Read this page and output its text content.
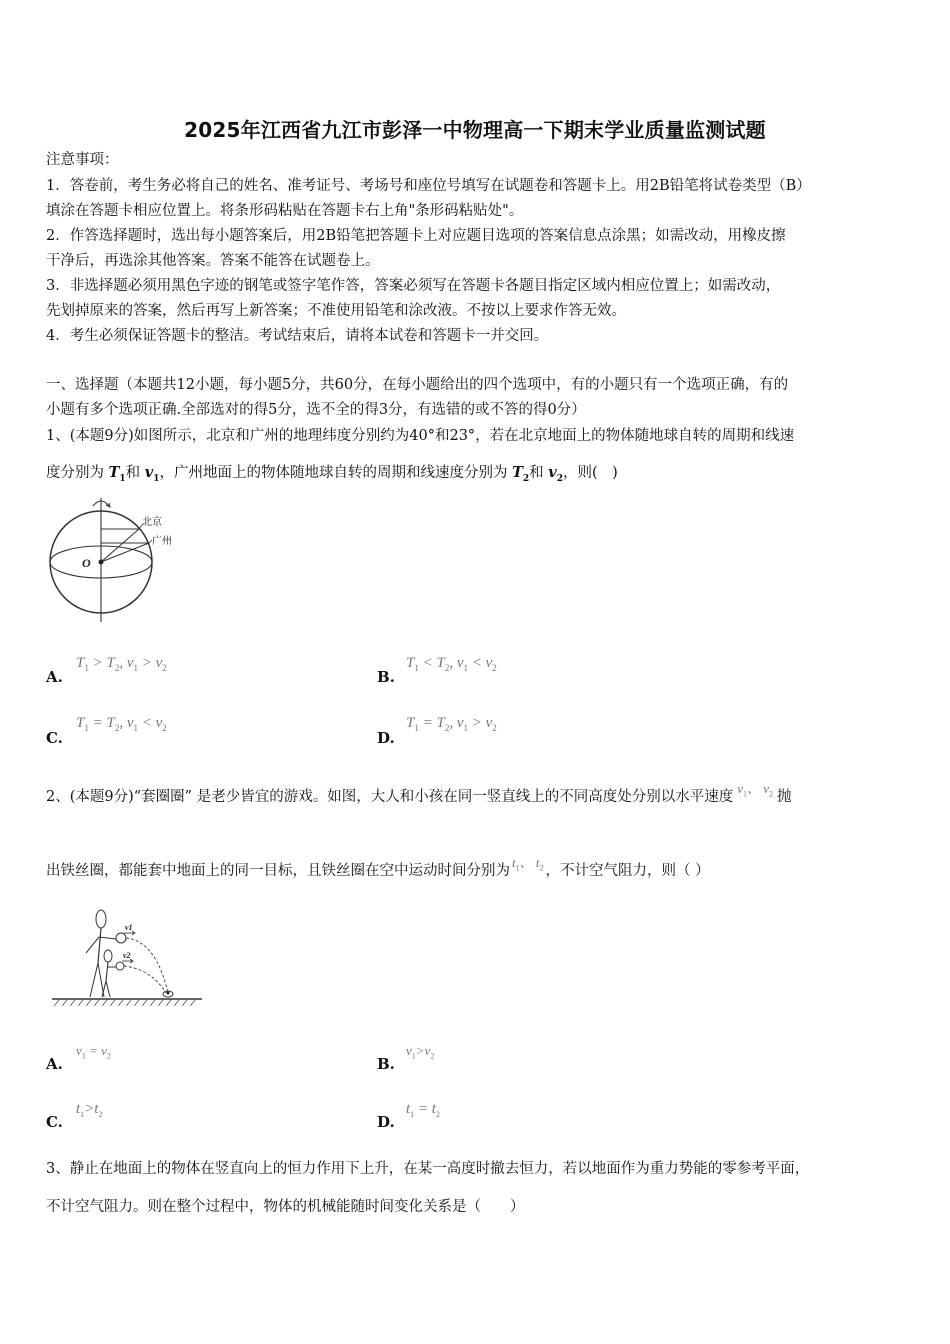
2025年江西省九江市彭泽一中物理高一下期末学业质量监测试题
注意事项：
1．答卷前，考生务必将自己的姓名、准考证号、考场号和座位号填写在试题卷和答题卡上。用2B铅笔将试卷类型（B）
填涂在答题卡相应位置上。将条形码粘贴在答题卡右上角"条形码粘贴处"。
2．作答选择题时，选出每小题答案后，用2B铅笔把答题卡上对应题目选项的答案信息点涂黑；如需改动，用橡皮擦
干净后，再选涂其他答案。答案不能答在试题卷上。
3．非选择题必须用黑色字迹的钢笔或签字笔作答，答案必须写在答题卡各题目指定区域内相应位置上；如需改动，
先划掉原来的答案，然后再写上新答案；不准使用铅笔和涂改液。不按以上要求作答无效。
4．考生必须保证答题卡的整洁。考试结束后，请将本试卷和答题卡一并交回。
一、选择题（本题共12小题，每小题5分，共60分，在每小题给出的四个选项中，有的小题只有一个选项正确，有的
小题有多个选项正确.全部选对的得5分，选不全的得3分，有选错的或不答的得0分）
1、(本题9分)如图所示，北京和广州的地理纬度分别约为40°和23°，若在北京地面上的物体随地球自转的周期和线速
度分别为 $T_1$和 $v_1$，广州地面上的物体随地球自转的周期和线速度分别为 $T_2$和 $v_2$，则(　)
北京
广州
O
A.
$T_1 > T_2$, $v_1 > v_2$	B.
$T_1 < T_2$, $v_1 < v_2$
C.
$T_1 = T_2$, $v_1 < v_2$
D.
$T_1 = T_2$, $v_1 > v_2$
2、(本题9分)“套圈圈” 是老少皆宜的游戏。如图，大人和小孩在同一竖直线上的不同高度处分别以水平速度$v_1$、 $v_2$ 抛
出铁丝圈，都能套中地面上的同一目标，且铁丝圈在空中运动时间分别为$t_1$、 $t_2$ ，不计空气阻力，则（ ）
v1
v2
A.
$v_1 = v_2$	B.
$v_1>v_2$
C.
$t_1>t_2$	D.
$t_1 = t_2$
3、静止在地面上的物体在竖直向上的恒力作用下上升，在某一高度时撤去恒力，若以地面作为重力势能的零参考平面，
不计空气阻力。则在整个过程中，物体的机械能随时间变化关系是（　　）
